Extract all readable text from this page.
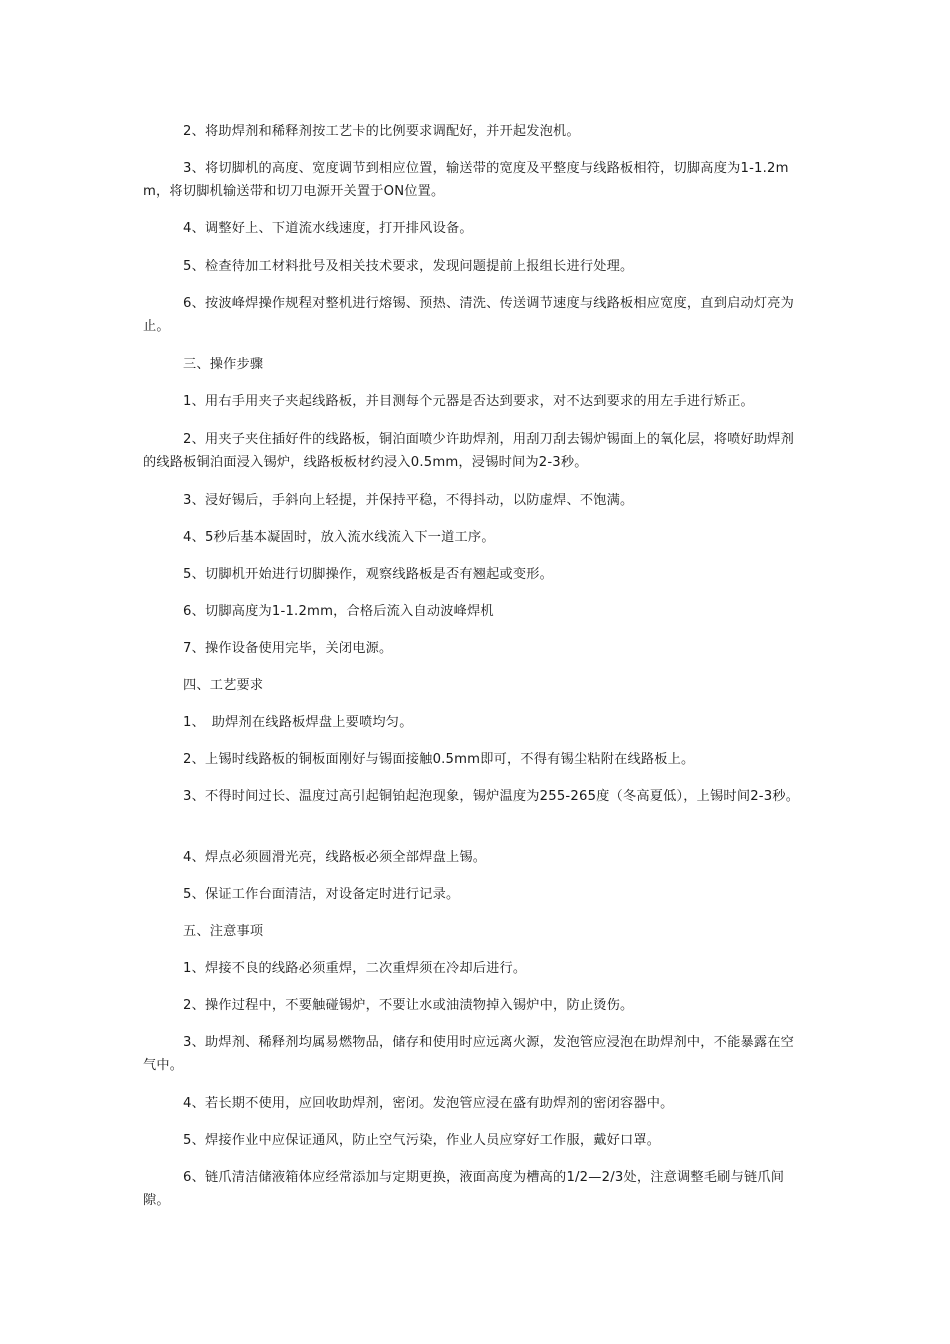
2、将助焊剂和稀释剂按工艺卡的比例要求调配好，并开起发泡机。

3、将切脚机的高度、宽度调节到相应位置，输送带的宽度及平整度与线路板相符，切脚高度为1-1.2mm，将切脚机输送带和切刀电源开关置于ON位置。

4、调整好上、下道流水线速度，打开排风设备。

5、检查待加工材料批号及相关技术要求，发现问题提前上报组长进行处理。

6、按波峰焊操作规程对整机进行熔锡、预热、清洗、传送调节速度与线路板相应宽度，直到启动灯亮为止。

三、操作步骤

1、用右手用夹子夹起线路板，并目测每个元器是否达到要求，对不达到要求的用左手进行矫正。

2、用夹子夹住插好件的线路板，铜泊面喷少许助焊剂，用刮刀刮去锡炉锡面上的氧化层，将喷好助焊剂的线路板铜泊面浸入锡炉，线路板板材约浸入0.5mm，浸锡时间为2-3秒。

3、浸好锡后，手斜向上轻提，并保持平稳，不得抖动，以防虚焊、不饱满。

4、5秒后基本凝固时，放入流水线流入下一道工序。

5、切脚机开始进行切脚操作，观察线路板是否有翘起或变形。

6、切脚高度为1-1.2mm，合格后流入自动波峰焊机

7、操作设备使用完毕，关闭电源。

四、工艺要求

1、　助焊剂在线路板焊盘上要喷均匀。

2、上锡时线路板的铜板面刚好与锡面接触0.5mm即可，不得有锡尘粘附在线路板上。

3、不得时间过长、温度过高引起铜铂起泡现象，锡炉温度为255-265度（冬高夏低），上锡时间2-3秒。

4、焊点必须圆滑光亮，线路板必须全部焊盘上锡。

5、保证工作台面清洁，对设备定时进行记录。

五、注意事项

1、焊接不良的线路必须重焊，二次重焊须在冷却后进行。

2、操作过程中，不要触碰锡炉，不要让水或油渍物掉入锡炉中，防止烫伤。

3、助焊剂、稀释剂均属易燃物品，储存和使用时应远离火源，发泡管应浸泡在助焊剂中，不能暴露在空气中。

4、若长期不使用，应回收助焊剂，密闭。发泡管应浸在盛有助焊剂的密闭容器中。

5、焊接作业中应保证通风，防止空气污染，作业人员应穿好工作服，戴好口罩。

6、链爪清洁储液箱体应经常添加与定期更换，液面高度为槽高的1/2—2/3处，注意调整毛刷与链爪间隙。
